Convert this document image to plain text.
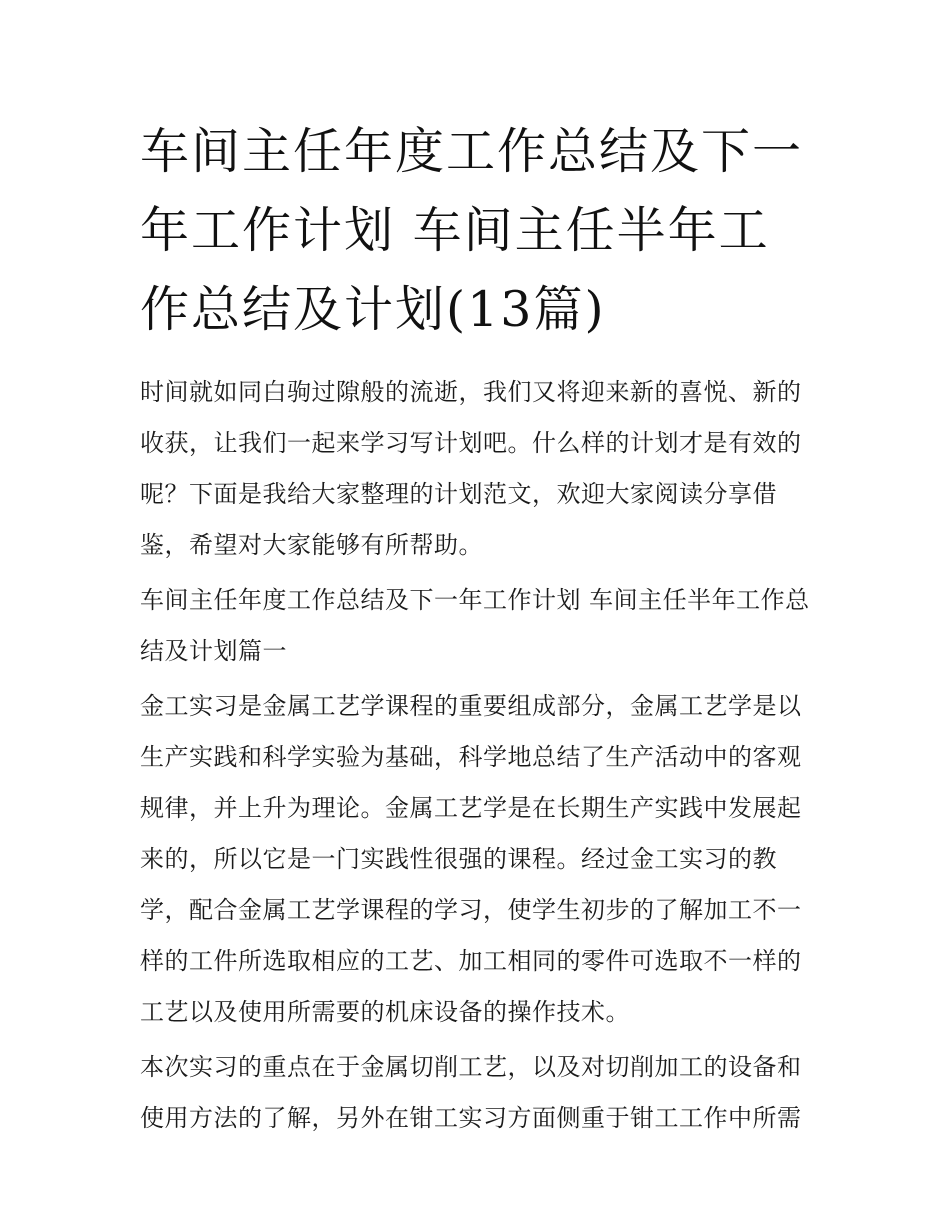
车间主任年度工作总结及下一年工作计划 车间主任半年工作总结及计划(13篇)

时间就如同白驹过隙般的流逝，我们又将迎来新的喜悦、新的收获，让我们一起来学习写计划吧。什么样的计划才是有效的呢？下面是我给大家整理的计划范文，欢迎大家阅读分享借鉴，希望对大家能够有所帮助。

车间主任年度工作总结及下一年工作计划 车间主任半年工作总结及计划篇一

金工实习是金属工艺学课程的重要组成部分，金属工艺学是以生产实践和科学实验为基础，科学地总结了生产活动中的客观规律，并上升为理论。金属工艺学是在长期生产实践中发展起来的，所以它是一门实践性很强的课程。经过金工实习的教学，配合金属工艺学课程的学习，使学生初步的了解加工不一样的工件所选取相应的工艺、加工相同的零件可选取不一样的工艺以及使用所需要的机床设备的操作技术。

本次实习的重点在于金属切削工艺，以及对切削加工的设备和使用方法的了解，另外在钳工实习方面侧重于钳工工作中所需
